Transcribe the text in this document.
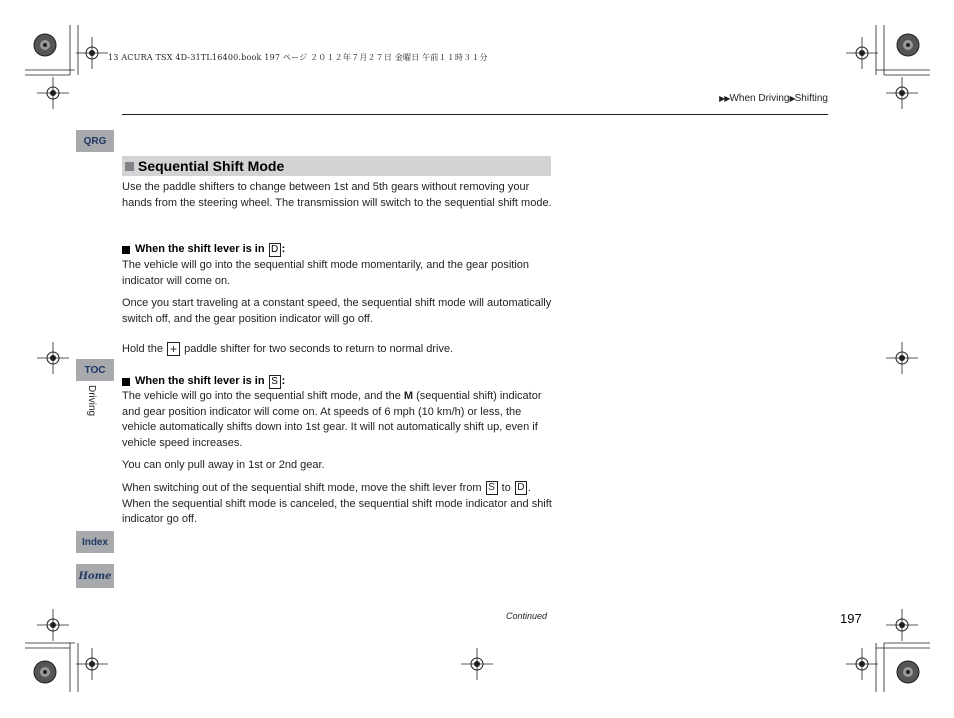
13 ACURA TSX 4D-31TL16400.book 197 ページ ２０１２年７月２７日 金曜日 午前１１時３１分
▶▶When Driving▶Shifting
QRG
TOC
Driving
Index
Home
Sequential Shift Mode
Use the paddle shifters to change between 1st and 5th gears without removing your hands from the steering wheel. The transmission will switch to the sequential shift mode.
When the shift lever is in
D :
The vehicle will go into the sequential shift mode momentarily, and the gear position indicator will come on.
Once you start traveling at a constant speed, the sequential shift mode will automatically switch off, and the gear position indicator will go off.
Hold the + paddle shifter for two seconds to return to normal drive.
When the shift lever is in
S :
The vehicle will go into the sequential shift mode, and the M (sequential shift) indicator and gear position indicator will come on. At speeds of 6 mph (10 km/h) or less, the vehicle automatically shifts down into 1st gear. It will not automatically shift up, even if vehicle speed increases.
You can only pull away in 1st or 2nd gear.
When switching out of the sequential shift mode, move the shift lever from S to D . When the sequential shift mode is canceled, the sequential shift mode indicator and shift indicator go off.
Continued	197
